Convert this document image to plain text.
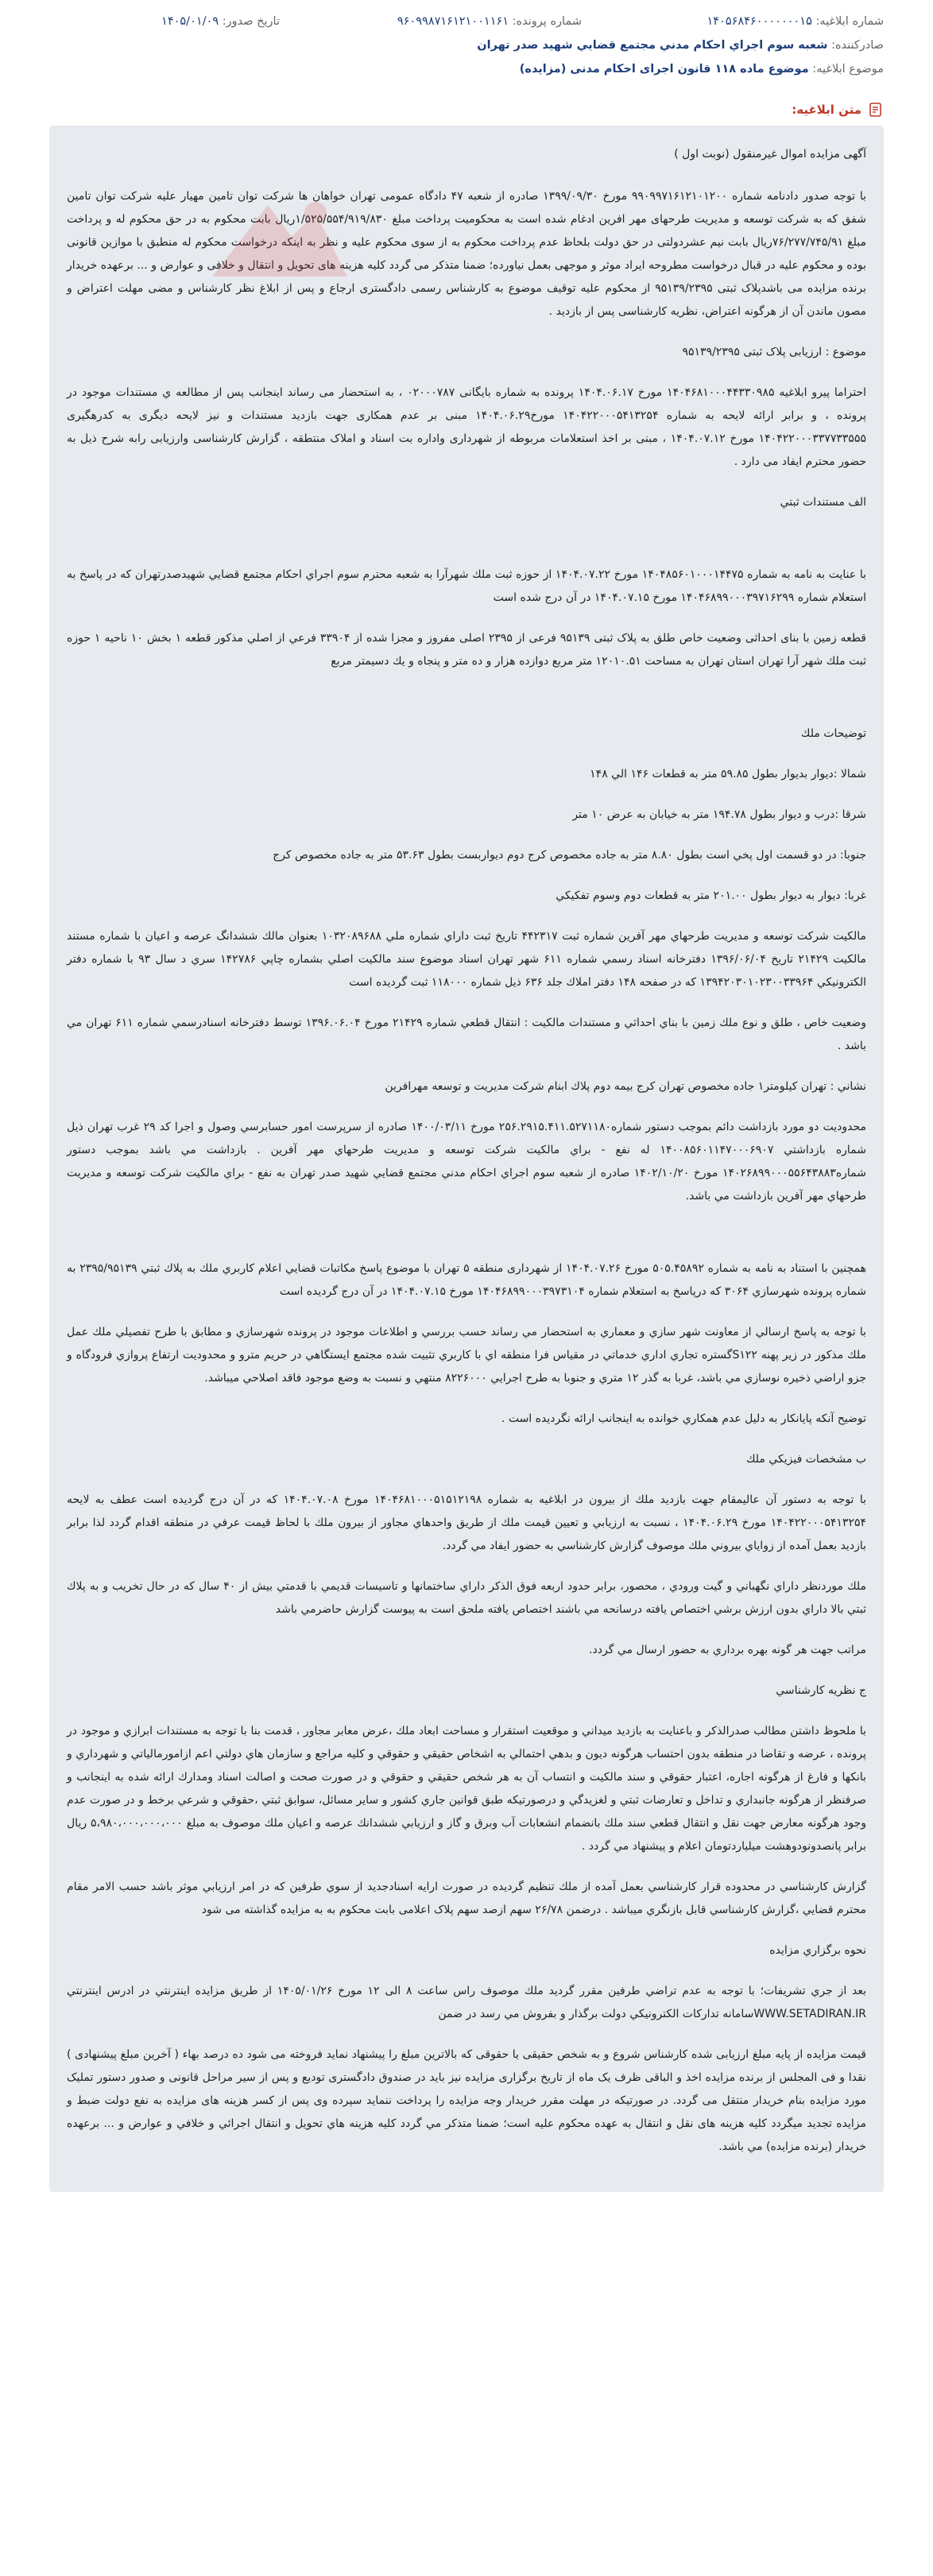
شماره ابلاغیه: ۱۴۰۵۶۸۴۶۰۰۰۰۰۰۰۱۵
شماره پرونده: ۹۶۰۹۹۸۷۱۶۱۲۱۰۰۱۱۶۱
تاریخ صدور: ۱۴۰۵/۰۱/۰۹
صادرکننده: شعبه سوم اجراي احكام مدني مجتمع قضايي شهيد صدر تهران
موضوع ابلاغیه: موضوع ماده ۱۱۸ قانون اجرای احکام مدنی (مزایده)
متن ابلاغیه:

آگهی مزایده اموال غیرمنقول (نوبت اول )

با توجه صدور دادنامه شماره ۹۹۰۹۹۷۱۶۱۲۱۰۱۲۰۰ مورخ ۱۳۹۹/۰۹/۳۰ صادره از شعبه ۴۷ دادگاه عمومی تهران خواهان ها شرکت توان تامین مهیار علیه شرکت توان تامین شفق که به شرکت توسعه و مدیریت طرحهای مهر افرین ادغام شده است به محکومیت پرداخت مبلغ ۱/۵۲۵/۵۵۴/۹۱۹/۸۳۰ریال بابت محکوم به در حق محکوم له و پرداخت مبلغ ۷۶/۲۷۷/۷۴۵/۹۱ریال بابت نیم عشردولتی در حق دولت بلحاظ عدم پرداخت محکوم به از سوی محکوم علیه و نظر به اینکه درخواست محکوم له منطبق با موازین قانونی بوده و محکوم علیه در قبال درخواست مطروحه ایراد موثر و موجهی بعمل نیاورده؛ ضمنا متذکر می گردد کلیه هزینه های تحویل و انتقال و خلافی و عوارض و ... برعهده خریدار برنده مزایده می باشدپلاک ثبتی ۹۵۱۳۹/۲۳۹۵ از محکوم علیه توقیف موضوع به کارشناس رسمی دادگستری ارجاع و پس از ابلاغ نظر کارشناس و مضی مهلت اعتراض و مصون ماندن آن از هرگونه اعتراض، نظریه کارشناسی پس از بازدید .

موضوع : ارزیابی پلاک ثبتی ۹۵۱۳۹/۲۳۹۵

احتراما پیرو ابلاغیه ۱۴۰۴۶۸۱۰۰۰۴۴۳۳۰۹۸۵ مورخ ۱۴۰۴.۰۶.۱۷ پرونده به شماره بایگانی ۰۲۰۰۰۷۸۷ ، به استحضار می رساند اینجانب پس از مطالعه ي مستندات موجود در پرونده ، و برابر ارائه لایحه به شماره ۱۴۰۴۲۲۰۰۰۵۴۱۳۲۵۴ مورخ۱۴۰۴.۰۶.۲۹ مبنی بر عدم همکاری جهت بازدید مستندات و نیز لایحه دیگری به کدرهگیری ۱۴۰۴۲۲۰۰۰۳۳۷۷۳۳۵۵۵ مورخ ۱۴۰۴.۰۷.۱۲ ، مبنی بر اخذ استعلامات مربوطه از شهرداری واداره بت اسناد و املاک منتطقه ، گزارش کارشناسی وارزیابی رابه شرح ذیل به حضور محترم ایفاد می دارد .

الف مستندات ثبتي

با عنایت به نامه به شماره ۱۴۰۴۸۵۶۰۱۰۰۰۱۴۴۷۵ مورخ ۱۴۰۴.۰۷.۲۲ از حوزه ثبت ملك شهرآرا به شعبه محترم سوم اجراي احكام مجتمع قضايي شهيدصدرتهران كه در پاسخ به استعلام شماره ۱۴۰۴۶۸۹۹۰۰۰۳۹۷۱۶۲۹۹ مورخ ۱۴۰۴.۰۷.۱۵ در آن درج شده است

قطعه زمین با بنای احداثی وضعیت خاص طلق به پلاک ثبتی ۹۵۱۳۹ فرعی از ۲۳۹۵ اصلی مفروز و مجزا شده از ۳۳۹۰۴ فرعي از اصلي مذكور قطعه ۱ بخش ۱۰ ناحيه ۱ حوزه ثبت ملك شهر آرا تهران استان تهران به مساحت ۱۲۰۱۰.۵۱ متر مربع دوازده هزار و ده متر و پنجاه و يك دسيمتر مربع

توضیحات ملك

شمالا :ديوار بديوار بطول ۵۹.۸۵ متر به قطعات ۱۴۶ الي ۱۴۸

شرقا :درب و ديوار بطول ۱۹۴.۷۸ متر به خيابان به عرض ۱۰ متر

جنوبا: در دو قسمت اول پخي است بطول ۸.۸۰ متر به جاده مخصوص كرج دوم ديواربست بطول ۵۳.۶۳ متر به جاده مخصوص كرج

غربا: ديوار به ديوار بطول ۲۰۱.۰۰ متر به قطعات دوم وسوم تفكيكي

مالکیت شركت توسعه و مديريت طرحهاي مهر آفرين شماره ثبت ۴۴۲۳۱۷ تاريخ ثبت داراي شماره ملي ۱۰۳۲۰۸۹۶۸۸ بعنوان مالك ششدانگ عرصه و اعيان با شماره مستند مالكيت ۲۱۴۲۹ تاريخ ۱۳۹۶/۰۶/۰۴ دفترخانه اسناد رسمي شماره ۶۱۱ شهر تهران اسناد موضوع سند مالكيت اصلي بشماره چاپي ۱۴۲۷۸۶ سري د سال ۹۳ با شماره دفتر الكترونيكي ۱۳۹۴۲۰۳۰۱۰۲۳۰۰۳۳۹۶۴ که در صفحه ۱۴۸ دفتر املاك جلد ۶۳۶ ذيل شماره ۱۱۸۰۰۰ ثبت گردیده است

وضعیت خاص ، طلق و نوع ملك زمين با بناي احداثي و مستندات مالكيت : انتقال قطعي شماره ۲۱۴۲۹ مورخ ۱۳۹۶.۰۶.۰۴ توسط دفترخانه اسنادرسمي شماره ۶۱۱ تهران مي باشد .

نشاني : تهران كيلومتر۱ جاده مخصوص تهران كرج بيمه دوم پلاك ابنام شركت مديريت و توسعه مهرافرين

محدودیت دو مورد بازداشت دائم بموجب دستور شماره۲۵۶.۲۹۱۵.۴۱۱.۵۲۷۱۱۸۰ مورخ ۱۴۰۰/۰۳/۱۱ صادره از سرپرست امور حسابرسي وصول و اجرا كد ۲۹ غرب تهران ذيل شماره بازداشتي ۱۴۰۰۸۵۶۰۱۱۴۷۰۰۰۶۹۰۷ له نفع - براي مالكيت شركت توسعه و مديريت طرحهاي مهر آفرين . بازداشت مي باشد بموجب دستور شماره۱۴۰۲۶۸۹۹۰۰۰۵۵۶۴۳۸۸۳ مورخ ۱۴۰۲/۱۰/۲۰ صادره از شعبه سوم اجراي احكام مدني مجتمع قضايي شهيد صدر تهران به نفع - براي مالكيت شركت توسعه و مديريت طرحهاي مهر آفرين بازداشت مي باشد.

همچنین با استناد به نامه به شماره ۵۰۵.۴۵۸۹۲ مورخ ۱۴۰۴.۰۷.۲۶ از شهرداری منطقه ۵ تهران با موضوع پاسخ مكاتبات قضايي اعلام كاربري ملك به پلاك ثبتي ۲۳۹۵/۹۵۱۳۹ به شماره پرونده شهرسازي ۳۰۶۴ كه درپاسخ به استعلام شماره ۱۴۰۴۶۸۹۹۰۰۰۳۹۷۳۱۰۴ مورخ ۱۴۰۴.۰۷.۱۵ در آن درج گرديده است

با توجه به پاسخ ارسالي از معاونت شهر سازي و معماري به استحضار مي رساند حسب بررسي و اطلاعات موجود در پرونده شهرسازي و مطابق با طرح تفصيلي ملك عمل ملك مذكور در زير پهنه S۱۲۲گستره تجاري اداري خدماتي در مقياس فرا منطقه اي با كاربري تثبيت شده مجتمع ايستگاهي در حريم مترو و محدوديت ارتفاع پروازي فرودگاه و جزو اراضي ذخيره نوسازي مي باشد، غربا به گذر ۱۲ متري و جنوبا به طرح اجرايي ۸۲۲۶۰۰۰ منتهي و نسبت به وضع موجود فاقد اصلاحي ميباشد.

توضیح آنكه پایانكار به دليل عدم همكاري خوانده به اينجانب ارائه نگرديده است .

ب مشخصات فيزيكي ملك

با توجه به دستور آن عاليمقام جهت بازديد ملك از بيرون در ابلاغيه به شماره ۱۴۰۴۶۸۱۰۰۰۵۱۵۱۲۱۹۸ مورخ ۱۴۰۴.۰۷.۰۸ كه در آن درج گرديده است عطف به لايحه ۱۴۰۴۲۲۰۰۰۵۴۱۳۲۵۴ مورخ ۱۴۰۴.۰۶.۲۹ ، نسبت به ارزيابي و تعيين قيمت ملك از طريق واحدهاي مجاور از بيرون ملك با لحاظ قيمت عرفي در منطقه اقدام گردد لذا برابر بازديد بعمل آمده از زواياي بيروني ملك موصوف گزارش كارشناسي به حضور ايفاد مي گردد.

ملك موردنظر داراي نگهباني و گيت ورودي ، محصور، برابر حدود اربعه فوق الذكر داراي ساختمانها و تاسيسات قديمي با قدمتي بيش از ۴۰ سال كه در حال تخريب و به پلاك ثبتي بالا داراي بدون ارزش برشي اختصاص يافته درسانحه مي باشند اختصاص يافته ملحق است به پيوست گزارش حاضرمي باشد

مراتب جهت هر گونه بهره برداري به حضور ارسال مي گردد.

ج نظريه كارشناسي

با ملحوظ داشتن مطالب صدرالذكر و باعنايت به بازديد ميداني و موقعيت استقرار و مساحت ابعاد ملك ،عرض معابر مجاور ، قدمت بنا با توجه به مستندات ابرازي و موجود در پرونده ، عرضه و تقاضا در منطقه بدون احتساب هرگونه ديون و بدهي احتمالي به اشخاص حقيقي و حقوقي و كليه مراجع و سازمان هاي دولتي اعم ازامورمالياتي و شهرداري و بانكها و فارغ از هرگونه اجاره، اعتبار حقوقي و سند مالكيت و انتساب آن به هر شخص حقيقي و حقوقي و در صورت صحت و اصالت اسناد ومدارك ارائه شده به اينجانب و صرفنظر از هرگونه جانبداري و تداخل و تعارضات ثبتي و لغزيدگي و درصورتيكه طبق قوانين جاري كشور و ساير مسائل، سوابق ثبتي ،حقوقي و شرعي برخط و در صورت عدم وجود هرگونه معارض جهت نقل و انتقال قطعي سند ملك بانضمام انشعابات آب وبرق و گاز و ارزيابي ششدانك عرصه و اعيان ملك موصوف به مبلغ ۵،۹۸۰،۰۰۰،۰۰۰،۰۰۰ ريال برابر پانصدونودوهشت ميلياردتومان اعلام و پيشنهاد مي گردد .

گزارش كارشناسي در محدوده قرار كارشناسي بعمل آمده از ملك تنظيم گرديده در صورت ارايه اسنادجديد از سوي طرفين كه در امر ارزيابي موثر باشد حسب الامر مقام محترم قضايي ،گزارش كارشناسي قابل بازنگري ميباشد . درضمن ۲۶/۷۸ سهم ازصد سهم پلاک اعلامی بابت محکوم به به مزایده گذاشته می شود

نحوه برگزاري مزايده

بعد از جري تشريفات؛ با توجه به عدم تراضي طرفين مقرر گرديد ملك موصوف راس ساعت ۸ الی ۱۲ مورخ ۱۴۰۵/۰۱/۲۶ از طريق مزايده اينترنتي در ادرس اينترنتي WWW.SETADIRAN.IRسامانه تداركات الكترونيكي دولت برگذار و بفروش مي رسد در ضمن

قیمت مزایده از پایه مبلغ ارزیابی شده کارشناس شروع و به شخص حقیقی یا حقوقی که بالاترین مبلغ را پیشنهاد نماید فروخته می شود ده درصد بهاء ( آخرین مبلغ پیشنهادی ) نقدا و فی المجلس از برنده مزایده اخذ و الباقی ظرف یک ماه از تاریخ برگزاری مزایده نیز باید در صندوق دادگستری تودیع و پس از سیر مراحل قانونی و صدور دستور تملیک مورد مزایده بنام خریدار منتقل می گردد. در صورتیکه در مهلت مقرر خریدار وجه مزایده را پرداخت ننماید سپرده وی پس از کسر هزینه های مزایده به نفع دولت ضبط و مزایده تجدید میگردد کلیه هزینه های نقل و انتقال به عهده محکوم علیه است؛ ضمنا متذكر مي گردد كليه هزينه هاي تحويل و انتقال اجرائي و خلافي و عوارض و ... برعهده خريدار (برنده مزايده) مي باشد.
